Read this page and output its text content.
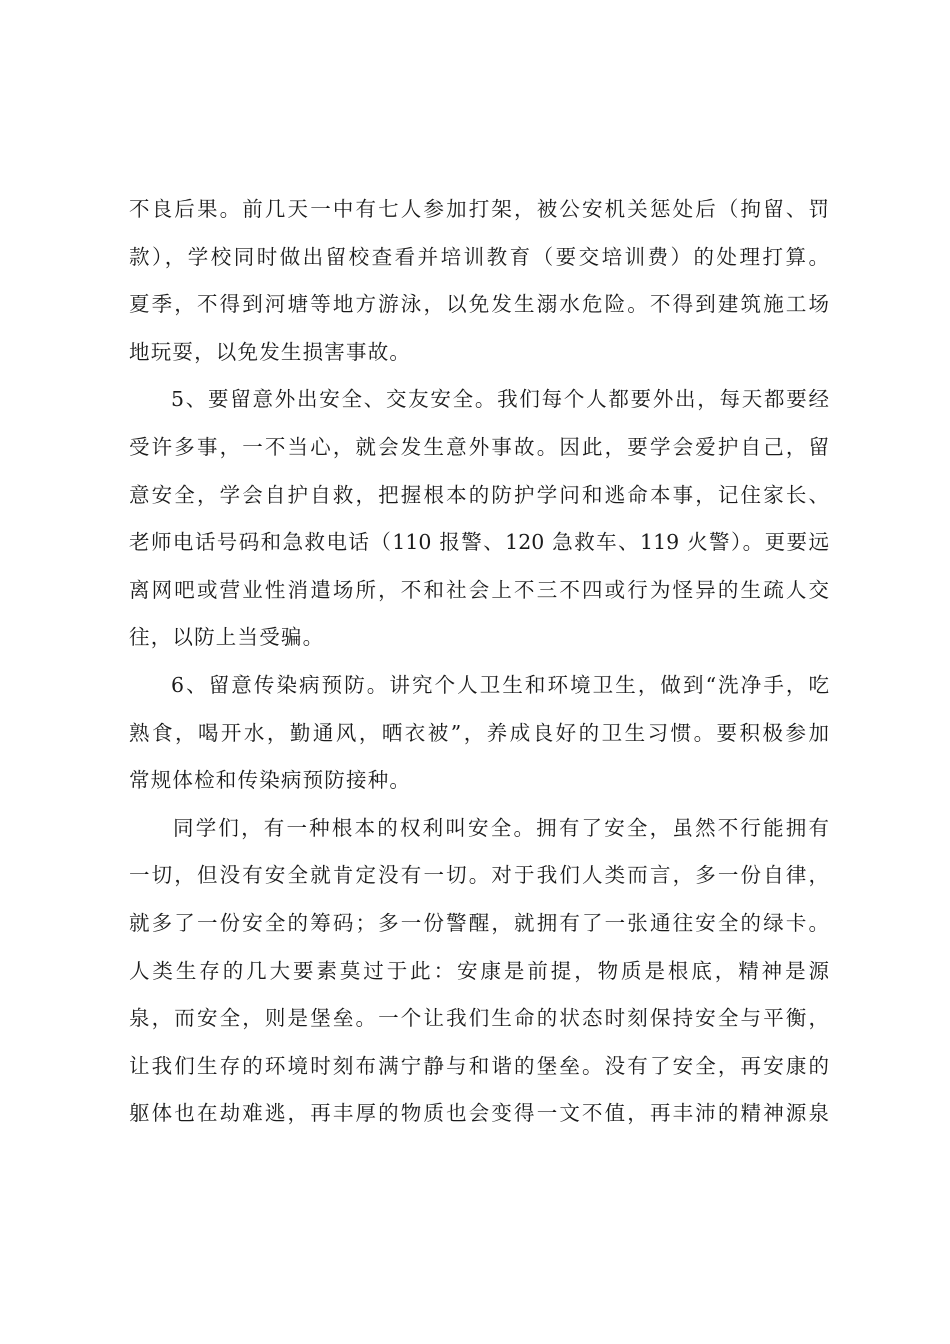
不良后果。前几天一中有七人参加打架，被公安机关惩处后（拘留、罚
款），学校同时做出留校查看并培训教育（要交培训费）的处理打算。
夏季，不得到河塘等地方游泳，以免发生溺水危险。不得到建筑施工场
地玩耍，以免发生损害事故。
5、要留意外出安全、交友安全。我们每个人都要外出，每天都要经
受许多事，一不当心，就会发生意外事故。因此，要学会爱护自己，留
意安全，学会自护自救，把握根本的防护学问和逃命本事，记住家长、
老师电话号码和急救电话（110 报警、120 急救车、119 火警）。更要远
离网吧或营业性消遣场所，不和社会上不三不四或行为怪异的生疏人交
往，以防上当受骗。
6、留意传染病预防。讲究个人卫生和环境卫生，做到“洗净手，吃
熟食，喝开水，勤通风，晒衣被”，养成良好的卫生习惯。要积极参加
常规体检和传染病预防接种。
同学们，有一种根本的权利叫安全。拥有了安全，虽然不行能拥有
一切，但没有安全就肯定没有一切。对于我们人类而言，多一份自律，
就多了一份安全的筹码；多一份警醒，就拥有了一张通往安全的绿卡。
人类生存的几大要素莫过于此：安康是前提，物质是根底，精神是源
泉，而安全，则是堡垒。一个让我们生命的状态时刻保持安全与平衡，
让我们生存的环境时刻布满宁静与和谐的堡垒。没有了安全，再安康的
躯体也在劫难逃，再丰厚的物质也会变得一文不值，再丰沛的精神源泉
